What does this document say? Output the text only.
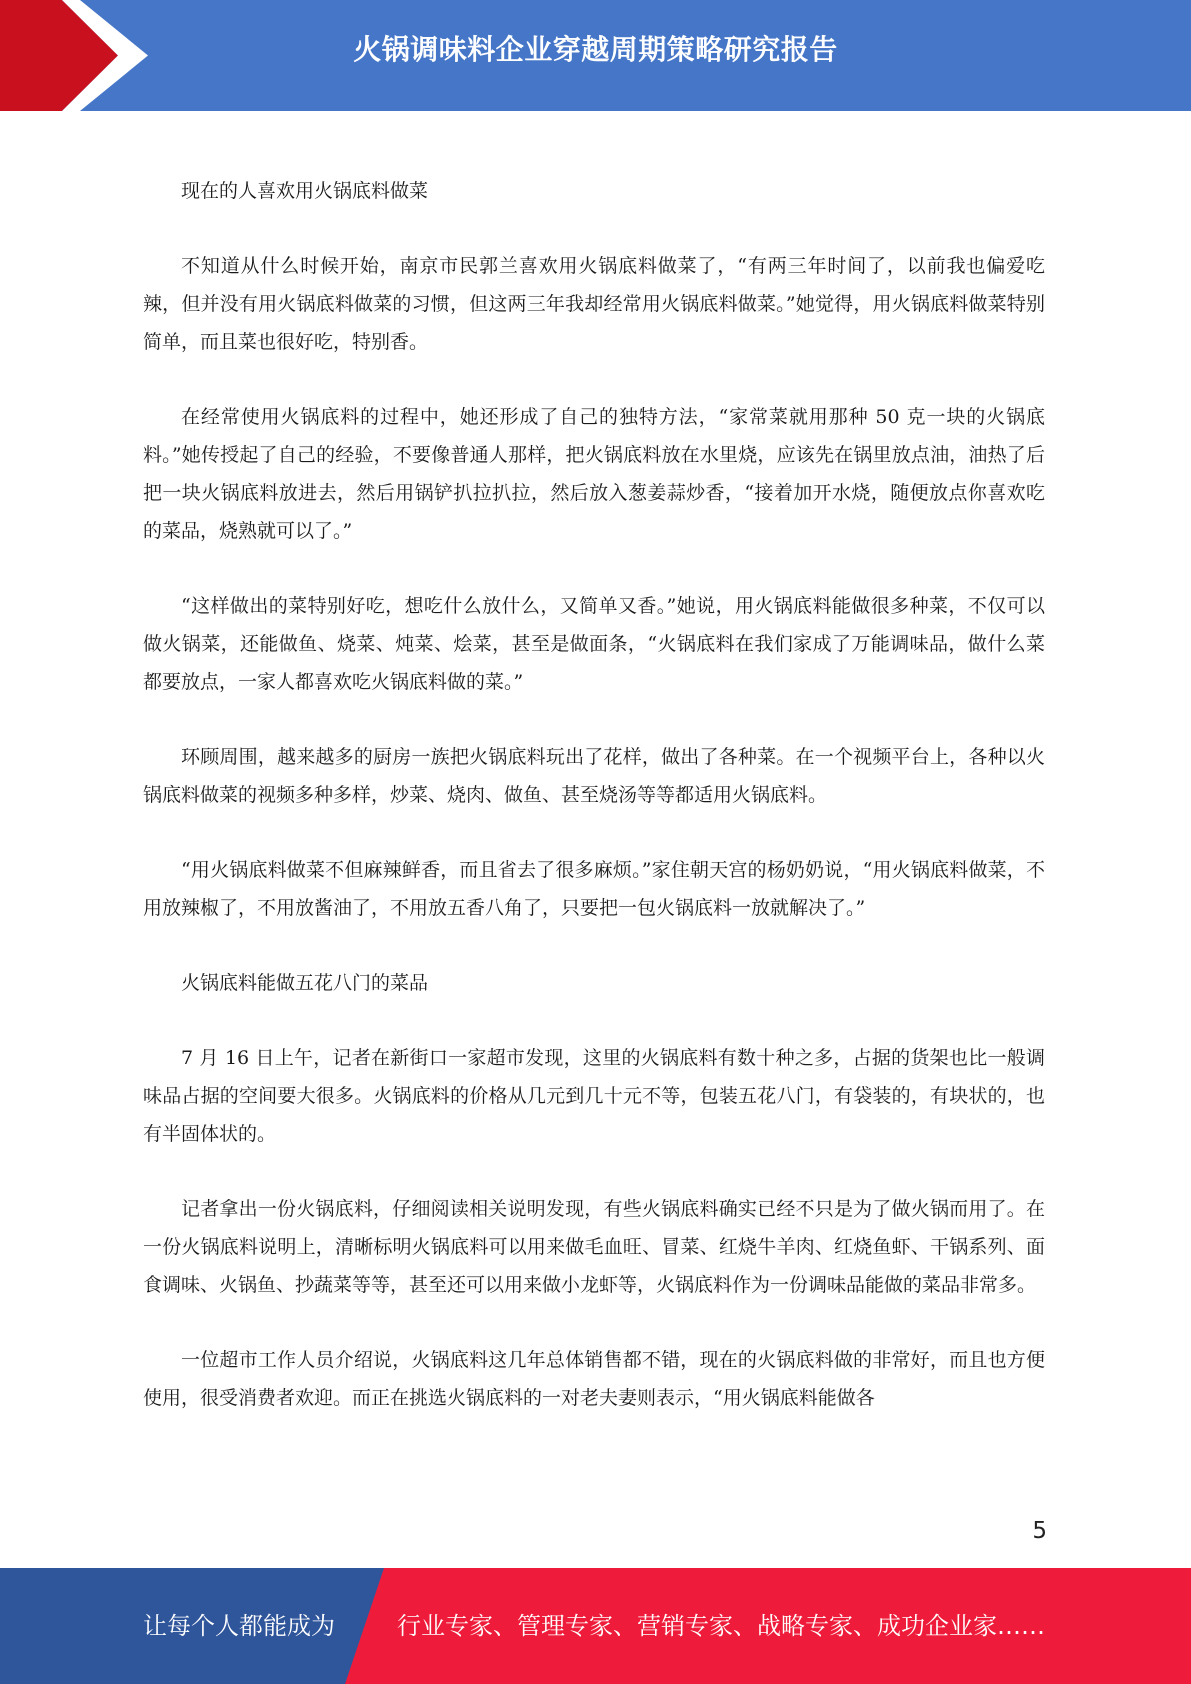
火锅调味料企业穿越周期策略研究报告

现在的人喜欢用火锅底料做菜

不知道从什么时候开始，南京市民郭兰喜欢用火锅底料做菜了，“有两三年时间了，以前我也偏爱吃辣，但并没有用火锅底料做菜的习惯，但这两三年我却经常用火锅底料做菜。”她觉得，用火锅底料做菜特别简单，而且菜也很好吃，特别香。

在经常使用火锅底料的过程中，她还形成了自己的独特方法，“家常菜就用那种 50 克一块的火锅底料。”她传授起了自己的经验，不要像普通人那样，把火锅底料放在水里烧，应该先在锅里放点油，油热了后把一块火锅底料放进去，然后用锅铲扒拉扒拉，然后放入葱姜蒜炒香，“接着加开水烧，随便放点你喜欢吃的菜品，烧熟就可以了。”

“这样做出的菜特别好吃，想吃什么放什么，又简单又香。”她说，用火锅底料能做很多种菜，不仅可以做火锅菜，还能做鱼、烧菜、炖菜、烩菜，甚至是做面条，“火锅底料在我们家成了万能调味品，做什么菜都要放点，一家人都喜欢吃火锅底料做的菜。”

环顾周围，越来越多的厨房一族把火锅底料玩出了花样，做出了各种菜。在一个视频平台上，各种以火锅底料做菜的视频多种多样，炒菜、烧肉、做鱼、甚至烧汤等等都适用火锅底料。

“用火锅底料做菜不但麻辣鲜香，而且省去了很多麻烦。”家住朝天宫的杨奶奶说，“用火锅底料做菜，不用放辣椒了，不用放酱油了，不用放五香八角了，只要把一包火锅底料一放就解决了。”

火锅底料能做五花八门的菜品

7 月 16 日上午，记者在新街口一家超市发现，这里的火锅底料有数十种之多，占据的货架也比一般调味品占据的空间要大很多。火锅底料的价格从几元到几十元不等，包装五花八门，有袋装的，有块状的，也有半固体状的。

记者拿出一份火锅底料，仔细阅读相关说明发现，有些火锅底料确实已经不只是为了做火锅而用了。在一份火锅底料说明上，清晰标明火锅底料可以用来做毛血旺、冒菜、红烧牛羊肉、红烧鱼虾、干锅系列、面食调味、火锅鱼、抄蔬菜等等，甚至还可以用来做小龙虾等，火锅底料作为一份调味品能做的菜品非常多。

一位超市工作人员介绍说，火锅底料这几年总体销售都不错，现在的火锅底料做的非常好，而且也方便使用，很受消费者欢迎。而正在挑选火锅底料的一对老夫妻则表示，“用火锅底料能做各

5
让每个人都能成为	行业专家、管理专家、营销专家、战略专家、成功企业家……
